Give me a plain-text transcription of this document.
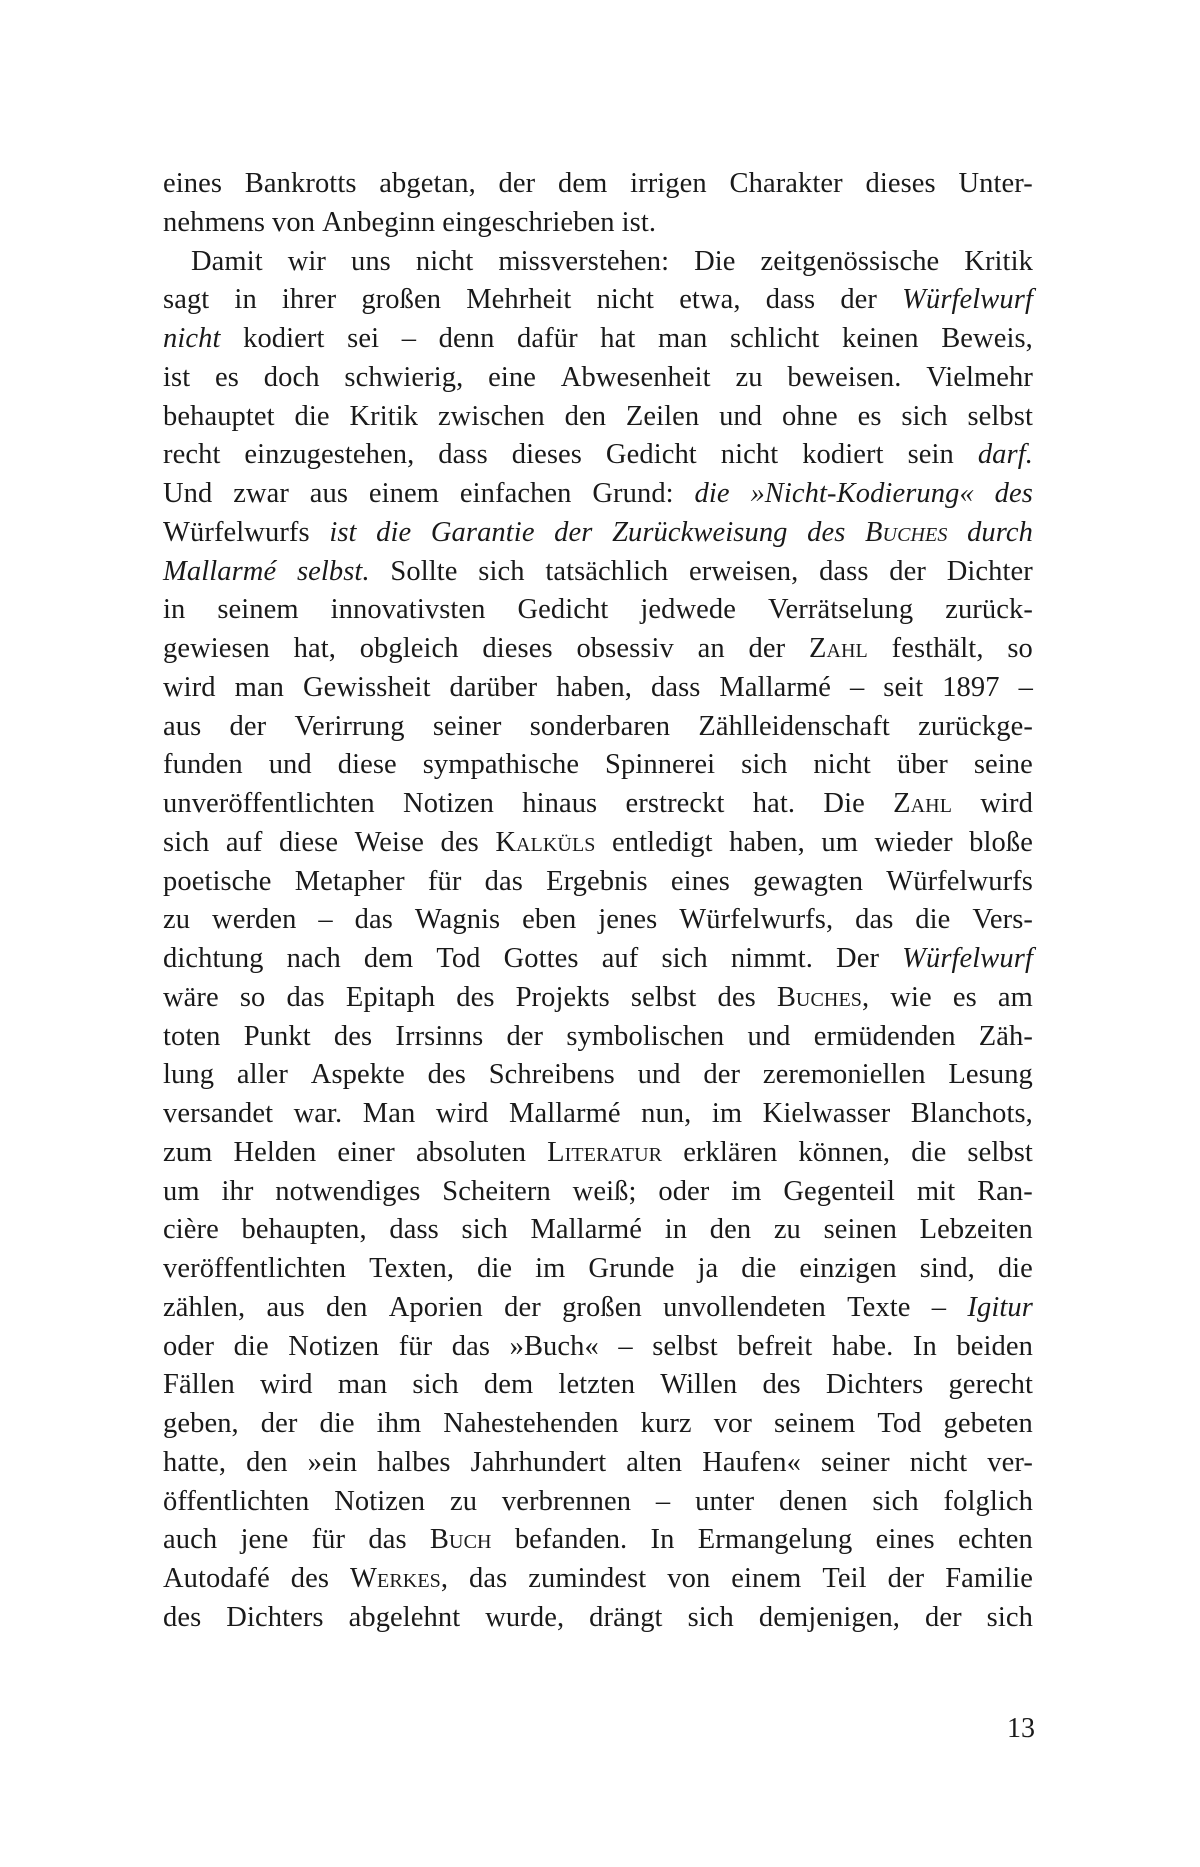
eines Bankrotts abgetan, der dem irrigen Charakter dieses Unter-
nehmens von Anbeginn eingeschrieben ist.
Damit wir uns nicht missverstehen: Die zeitgenössische Kritik
sagt in ihrer großen Mehrheit nicht etwa, dass der Würfelwurf
nicht kodiert sei – denn dafür hat man schlicht keinen Beweis,
ist es doch schwierig, eine Abwesenheit zu beweisen. Vielmehr
behauptet die Kritik zwischen den Zeilen und ohne es sich selbst
recht einzugestehen, dass dieses Gedicht nicht kodiert sein darf.
Und zwar aus einem einfachen Grund: die »Nicht-Kodierung« des
Würfelwurfs ist die Garantie der Zurückweisung des Buches durch
Mallarmé selbst. Sollte sich tatsächlich erweisen, dass der Dichter
in seinem innovativsten Gedicht jedwede Verrätselung zurück-
gewiesen hat, obgleich dieses obsessiv an der Zahl festhält, so
wird man Gewissheit darüber haben, dass Mallarmé – seit 1897 –
aus der Verirrung seiner sonderbaren Zählleidenschaft zurückge-
funden und diese sympathische Spinnerei sich nicht über seine
unveröffentlichten Notizen hinaus erstreckt hat. Die Zahl wird
sich auf diese Weise des Kalküls entledigt haben, um wieder bloße
poetische Metapher für das Ergebnis eines gewagten Würfelwurfs
zu werden – das Wagnis eben jenes Würfelwurfs, das die Vers-
dichtung nach dem Tod Gottes auf sich nimmt. Der Würfelwurf
wäre so das Epitaph des Projekts selbst des Buches, wie es am
toten Punkt des Irrsinns der symbolischen und ermüdenden Zäh-
lung aller Aspekte des Schreibens und der zeremoniellen Lesung
versandet war. Man wird Mallarmé nun, im Kielwasser Blanchots,
zum Helden einer absoluten Literatur erklären können, die selbst
um ihr notwendiges Scheitern weiß; oder im Gegenteil mit Ran-
cière behaupten, dass sich Mallarmé in den zu seinen Lebzeiten
veröffentlichten Texten, die im Grunde ja die einzigen sind, die
zählen, aus den Aporien der großen unvollendeten Texte – Igitur
oder die Notizen für das »Buch« – selbst befreit habe. In beiden
Fällen wird man sich dem letzten Willen des Dichters gerecht
geben, der die ihm Nahestehenden kurz vor seinem Tod gebeten
hatte, den »ein halbes Jahrhundert alten Haufen« seiner nicht ver-
öffentlichten Notizen zu verbrennen – unter denen sich folglich
auch jene für das Buch befanden. In Ermangelung eines echten
Autodafé des Werkes, das zumindest von einem Teil der Familie
des Dichters abgelehnt wurde, drängt sich demjenigen, der sich
13
